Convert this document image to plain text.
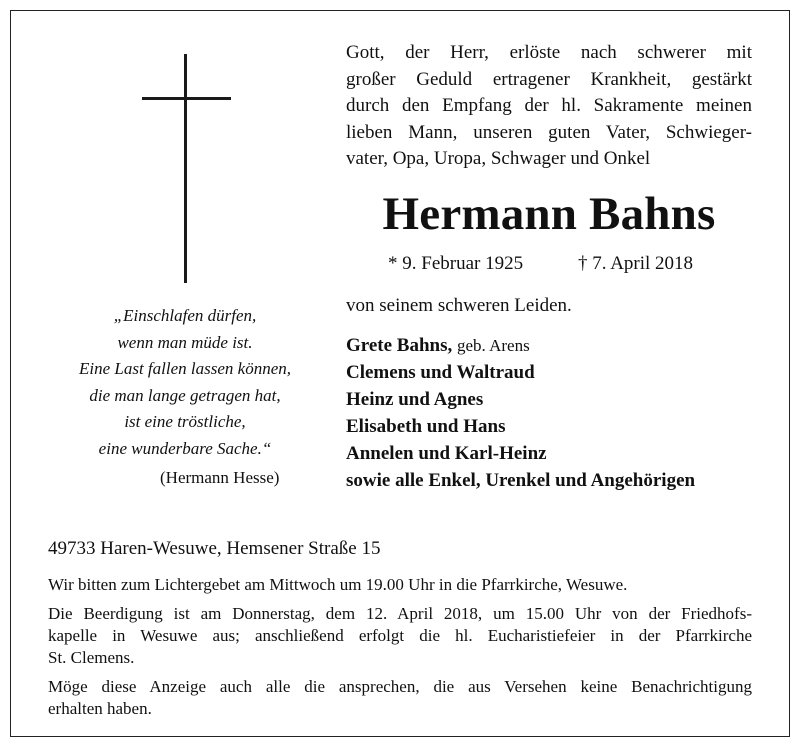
Gott, der Herr, erlöste nach schwerer mit
großer Geduld ertragener Krankheit, gestärkt
durch den Empfang der hl. Sakramente meinen
lieben Mann, unseren guten Vater, Schwieger-
vater, Opa, Uropa, Schwager und Onkel
Hermann Bahns
* 9. Februar 1925	† 7. April 2018
von seinem schweren Leiden.
Grete Bahns, geb. Arens
Clemens und Waltraud
Heinz und Agnes
Elisabeth und Hans
Annelen und Karl-Heinz
sowie alle Enkel, Urenkel und Angehörigen
„Einschlafen dürfen,
wenn man müde ist.
Eine Last fallen lassen können,
die man lange getragen hat,
ist eine tröstliche,
eine wunderbare Sache.“
(Hermann Hesse)
49733 Haren-Wesuwe, Hemsener Straße 15
Wir bitten zum Lichtergebet am Mittwoch um 19.00 Uhr in die Pfarrkirche, Wesuwe.
Die Beerdigung ist am Donnerstag, dem 12. April 2018, um 15.00 Uhr von der Friedhofs-
kapelle in Wesuwe aus; anschließend erfolgt die hl. Eucharistiefeier in der Pfarrkirche
St. Clemens.
Möge diese Anzeige auch alle die ansprechen, die aus Versehen keine Benachrichtigung
erhalten haben.
